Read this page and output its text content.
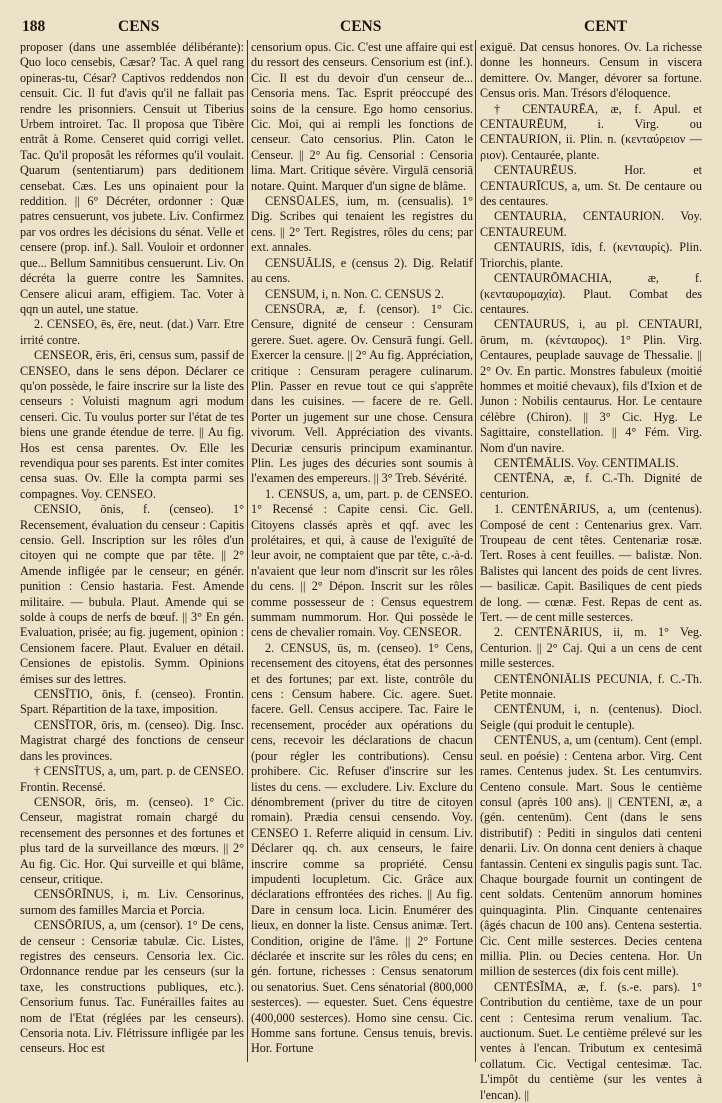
188	CENS	CENS	CENT

proposer (dans une assemblée délibérante): Quo loco censebis, Cæsar? Tac. A quel rang opineras-tu, César? Captivos reddendos non censuit. Cic. Il fut d'avis qu'il ne fallait pas rendre les prisonniers. Censuit ut Tiberius Urbem introiret. Tac. Il proposa que Tibère entrât à Rome. Censeret quid corrigi vellet. Tac. Qu'il proposât les réformes qu'il voulait. Quarum (sententiarum) pars deditionem censebat. Cæs. Les uns opinaient pour la reddition. || 6° Décréter, ordonner : Quæ patres censuerunt, vos jubete. Liv. Confirmez par vos ordres les décisions du sénat. Velle et censere (prop. inf.). Sall. Vouloir et ordonner que... Bellum Samnitibus censuerunt. Liv. On décréta la guerre contre les Samnites. Censere alicui aram, effigiem. Tac. Voter à qqn un autel, une statue.

2. CENSEO, ēs, ēre, neut. (dat.) Varr. Etre irrité contre.

CENSEOR, ēris, ēri, census sum, passif de CENSEO, dans le sens dépon. Déclarer ce qu'on possède, le faire inscrire sur la liste des censeurs : Voluisti magnum agri modum censeri. Cic. Tu voulus porter sur l'état de tes biens une grande étendue de terre. || Au fig. Hos est censa parentes. Ov. Elle les revendiqua pour ses parents. Est inter comites censa suas. Ov. Elle la compta parmi ses compagnes. Voy. CENSEO.

CENSIO, ōnis, f. (censeo). 1° Recensement, évaluation du censeur : Capitis censio. Gell. Inscription sur les rôles d'un citoyen qui ne compte que par tête. || 2° Amende infligée par le censeur; en génér. punition : Censio hastaria. Fest. Amende militaire. — bubula. Plaut. Amende qui se solde à coups de nerfs de bœuf. || 3° En gén. Evaluation, prisée; au fig. jugement, opinion : Censionem facere. Plaut. Evaluer en détail. Censiones de epistolis. Symm. Opinions émises sur des lettres.

CENSĪTIO, ōnis, f. (censeo). Frontin. Spart. Répartition de la taxe, imposition.

CENSĪTOR, ōris, m. (censeo). Dig. Insc. Magistrat chargé des fonctions de censeur dans les provinces.

† CENSĪTUS, a, um, part. p. de CENSEO. Frontin. Recensé.

CENSOR, ōris, m. (censeo). 1° Cic. Censeur, magistrat romain chargé du recensement des personnes et des fortunes et plus tard de la surveillance des mœurs. || 2° Au fig. Cic. Hor. Qui surveille et qui blâme, censeur, critique.

CENSŌRĪNUS, i, m. Liv. Censorinus, surnom des familles Marcia et Porcia.

CENSŌRIUS, a, um (censor). 1° De cens, de censeur : Censoriæ tabulæ. Cic. Listes, registres des censeurs. Censoria lex. Cic. Ordonnance rendue par les censeurs (sur la taxe, les constructions publiques, etc.). Censorium funus. Tac. Funérailles faites au nom de l'Etat (réglées par les censeurs). Censoria nota. Liv. Flétrissure infligée par les censeurs. Hoc est

censorium opus. Cic. C'est une affaire qui est du ressort des censeurs. Censorium est (inf.). Cic. Il est du devoir d'un censeur de... Censoria mens. Tac. Esprit préoccupé des soins de la censure. Ego homo censorius. Cic. Moi, qui ai rempli les fonctions de censeur. Cato censorius. Plin. Caton le Censeur. || 2° Au fig. Censorial : Censoria lima. Mart. Critique sévère. Virgulā censoriā notare. Quint. Marquer d'un signe de blâme.

CENSŪALES, ium, m. (censualis). 1° Dig. Scribes qui tenaient les registres du cens. || 2° Tert. Registres, rôles du cens; par ext. annales.

CENSUĀLIS, e (census 2). Dig. Relatif au cens.

CENSUM, i, n. Non. C. CENSUS 2.

CENSŪRA, æ, f. (censor). 1° Cic. Censure, dignité de censeur : Censuram gerere. Suet. agere. Ov. Censurā fungi. Gell. Exercer la censure. || 2° Au fig. Appréciation, critique : Censuram peragere culinarum. Plin. Passer en revue tout ce qui s'apprête dans les cuisines. — facere de re. Gell. Porter un jugement sur une chose. Censura vivorum. Vell. Appréciation des vivants. Decuriæ censuris principum examinantur. Plin. Les juges des décuries sont soumis à l'examen des empereurs. || 3° Treb. Sévérité.

1. CENSUS, a, um, part. p. de CENSEO. 1° Recensé : Capite censi. Cic. Gell. Citoyens classés après et qqf. avec les prolétaires, et qui, à cause de l'exiguïté de leur avoir, ne comptaient que par tête, c.-à-d. n'avaient que leur nom d'inscrit sur les rôles du cens. || 2° Dépon. Inscrit sur les rôles comme possesseur de : Census equestrem summam nummorum. Hor. Qui possède le cens de chevalier romain. Voy. CENSEOR.

2. CENSUS, ūs, m. (censeo). 1° Cens, recensement des citoyens, état des personnes et des fortunes; par ext. liste, contrôle du cens : Censum habere. Cic. agere. Suet. facere. Gell. Census accipere. Tac. Faire le recensement, procéder aux opérations du cens, recevoir les déclarations de chacun (pour régler les contributions). Censu prohibere. Cic. Refuser d'inscrire sur les listes du cens. — excludere. Liv. Exclure du dénombrement (priver du titre de citoyen romain). Prædia censui censendo. Voy. CENSEO 1. Referre aliquid in censum. Liv. Déclarer qq. ch. aux censeurs, le faire inscrire comme sa propriété. Censu impudenti locupletum. Cic. Grâce aux déclarations effrontées des riches. || Au fig. Dare in censum loca. Licin. Enumérer des lieux, en donner la liste. Census animæ. Tert. Condition, origine de l'âme. || 2° Fortune déclarée et inscrite sur les rôles du cens; en gén. fortune, richesses : Census senatorum ou senatorius. Suet. Cens sénatorial (800,000 sesterces). — equester. Suet. Cens équestre (400,000 sesterces). Homo sine censu. Cic. Homme sans fortune. Census tenuis, brevis. Hor. Fortune

exiguë. Dat census honores. Ov. La richesse donne les honneurs. Censum in viscera demittere. Ov. Manger, dévorer sa fortune. Census oris. Man. Trésors d'éloquence.

† CENTAURĒA, æ, f. Apul. et CENTAURĒUM, i. Virg. ou CENTAURION, ii. Plin. n. (κενταύρειον — ριον). Centaurée, plante.

CENTAURĒUS. Hor. et CENTAURĪCUS, a, um. St. De centaure ou des centaures.

CENTAURIA, CENTAURION. Voy. CENTAUREUM.

CENTAURIS, ĭdis, f. (κενταυρίς). Plin. Triorchis, plante.

CENTAURŌMACHIA, æ, f. (κενταυρομαχία). Plaut. Combat des centaures.

CENTAURUS, i, au pl. CENTAURI, ōrum, m. (κένταυρος). 1° Plin. Virg. Centaures, peuplade sauvage de Thessalie. || 2° Ov. En partic. Monstres fabuleux (moitié hommes et moitié chevaux), fils d'Ixion et de Junon : Nobilis centaurus. Hor. Le centaure célèbre (Chiron). || 3° Cic. Hyg. Le Sagittaire, constellation. || 4° Fém. Virg. Nom d'un navire.

CENTĒMĀLIS. Voy. CENTIMALIS.

CENTĒNA, æ, f. C.-Th. Dignité de centurion.

1. CENTĒNĀRIUS, a, um (centenus). Composé de cent : Centenarius grex. Varr. Troupeau de cent têtes. Centenariæ rosæ. Tert. Roses à cent feuilles. — balistæ. Non. Balistes qui lancent des poids de cent livres. — basilicæ. Capit. Basiliques de cent pieds de long. — cœnæ. Fest. Repas de cent as. Tert. — de cent mille sesterces.

2. CENTĒNĀRIUS, ii, m. 1° Veg. Centurion. || 2° Caj. Qui a un cens de cent mille sesterces.

CENTĒNŌNIĀLIS PECUNIA, f. C.-Th. Petite monnaie.

CENTĒNUM, i, n. (centenus). Diocl. Seigle (qui produit le centuple).

CENTĒNUS, a, um (centum). Cent (empl. seul. en poésie) : Centena arbor. Virg. Cent rames. Centenus judex. St. Les centumvirs. Centeno consule. Mart. Sous le centième consul (après 100 ans). || CENTENI, æ, a (gén. centenūm). Cent (dans le sens distributif) : Pediti in singulos dati centeni denarii. Liv. On donna cent deniers à chaque fantassin. Centeni ex singulis pagis sunt. Tac. Chaque bourgade fournit un contingent de cent soldats. Centenūm annorum homines quinquaginta. Plin. Cinquante centenaires (âgés chacun de 100 ans). Centena sestertia. Cic. Cent mille sesterces. Decies centena millia. Plin. ou Decies centena. Hor. Un million de sesterces (dix fois cent mille).

CENTĒSĬMA, æ, f. (s.-e. pars). 1° Contribution du centième, taxe de un pour cent : Centesima rerum venalium. Tac. auctionum. Suet. Le centième prélevé sur les ventes à l'encan. Tributum ex centesimā collatum. Cic. Vectigal centesimæ. Tac. L'impôt du centième (sur les ventes à l'encan). ||
